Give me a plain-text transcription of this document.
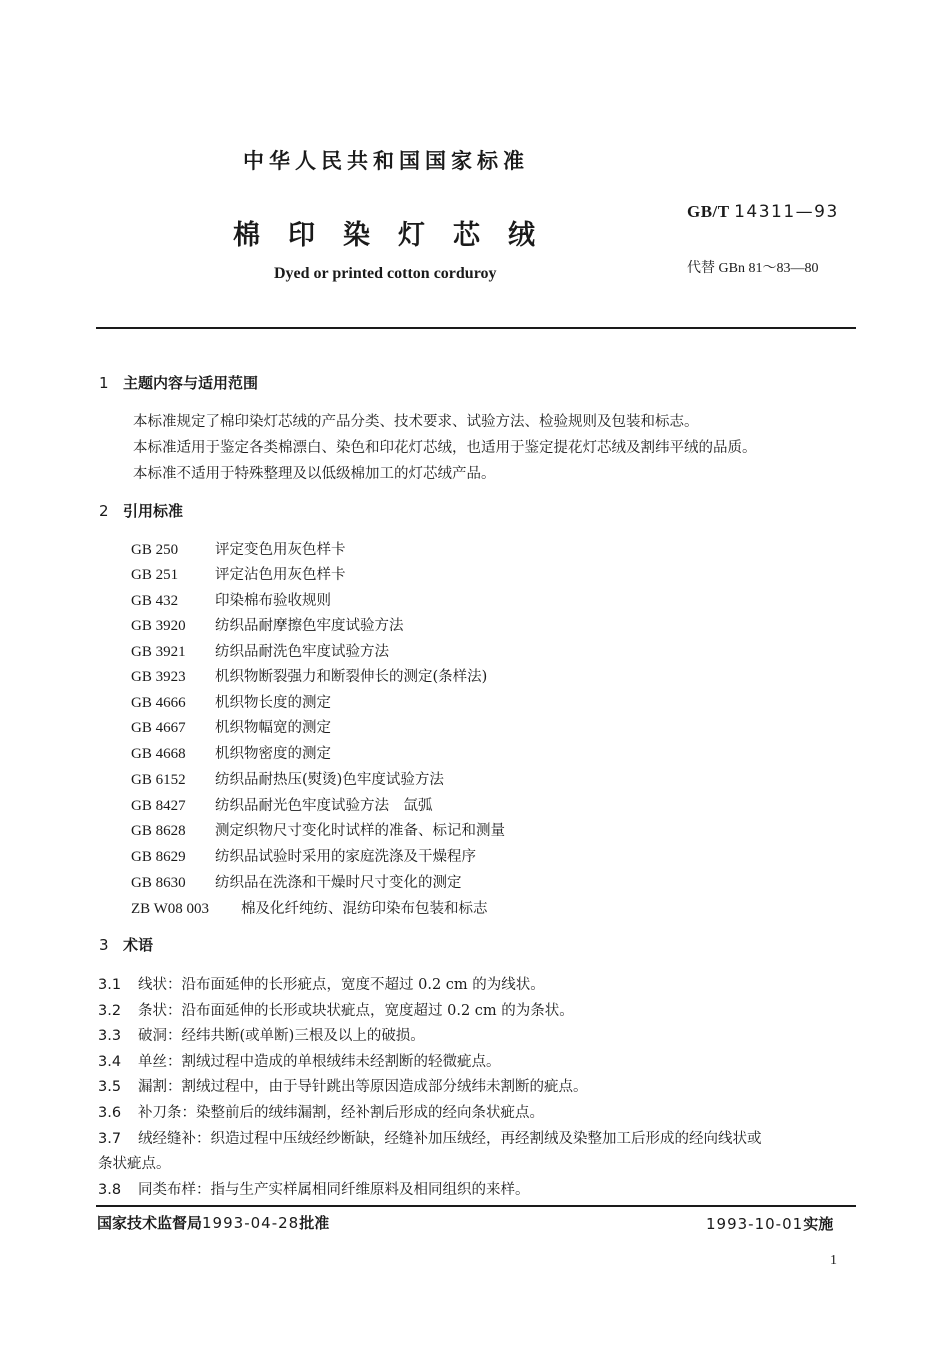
中华人民共和国国家标准
棉印染灯芯绒
Dyed or printed cotton corduroy
GB/T 14311—93
代替 GBn 81～83—80
1 主题内容与适用范围
本标准规定了棉印染灯芯绒的产品分类、技术要求、试验方法、检验规则及包装和标志。
本标准适用于鉴定各类棉漂白、染色和印花灯芯绒，也适用于鉴定提花灯芯绒及割纬平绒的品质。
本标准不适用于特殊整理及以低级棉加工的灯芯绒产品。
2 引用标准
GB 250	评定变色用灰色样卡
GB 251	评定沾色用灰色样卡
GB 432	印染棉布验收规则
GB 3920 纺织品耐摩擦色牢度试验方法
GB 3921 纺织品耐洗色牢度试验方法
GB 3923 机织物断裂强力和断裂伸长的测定(条样法)
GB 4666 机织物长度的测定
GB 4667 机织物幅宽的测定
GB 4668 机织物密度的测定
GB 6152 纺织品耐热压(熨烫)色牢度试验方法
GB 8427 纺织品耐光色牢度试验方法　氙弧
GB 8628 测定织物尺寸变化时试样的准备、标记和测量
GB 8629 纺织品试验时采用的家庭洗涤及干燥程序
GB 8630 纺织品在洗涤和干燥时尺寸变化的测定
ZB W08 003 棉及化纤纯纺、混纺印染布包装和标志
3 术语
3.1 线状：沿布面延伸的长形疵点，宽度不超过 0.2 cm 的为线状。
3.2 条状：沿布面延伸的长形或块状疵点，宽度超过 0.2 cm 的为条状。
3.3 破洞：经纬共断(或单断)三根及以上的破损。
3.4 单丝：割绒过程中造成的单根绒纬未经割断的轻微疵点。
3.5 漏割：割绒过程中，由于导针跳出等原因造成部分绒纬未割断的疵点。
3.6 补刀条：染整前后的绒纬漏割，经补割后形成的经向条状疵点。
3.7 绒经缝补：织造过程中压绒经纱断缺，经缝补加压绒经，再经割绒及染整加工后形成的经向线状或
条状疵点。
3.8 同类布样：指与生产实样属相同纤维原料及相同组织的来样。
国家技术监督局1993-04-28批准	1993-10-01实施
1
